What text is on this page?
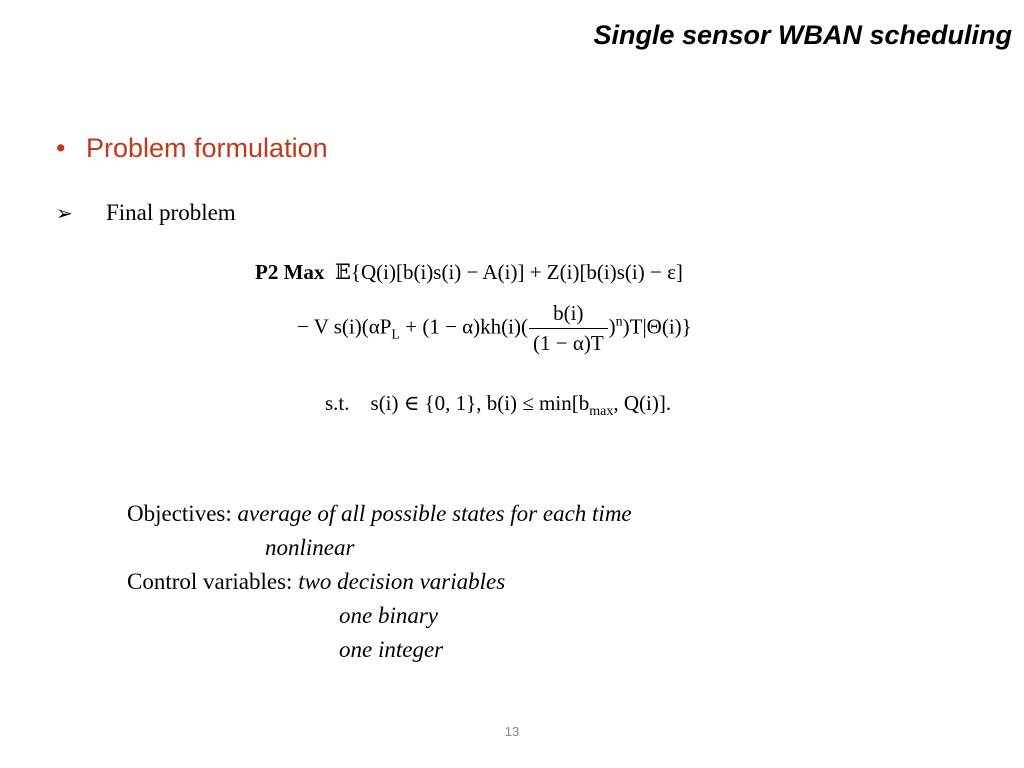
Single sensor WBAN scheduling
• Problem formulation
➢ Final problem
P2 Max 𝔼{Q(i)[b(i)s(i) − A(i)] + Z(i)[b(i)s(i) − ε]
− V $s(i)(\alpha P_L + (1 - \alpha)kh(i)( \frac{b(i)}{(1 - \alpha)T} )^n)T|\Theta(i)$}
s.t. s(i) ∈ {0, 1}, $b(i) \le \min[b_{max}$, Q(i)].
Objectives: average of all possible states for each time
nonlinear
Control variables: two decision variables
one binary
one integer
13
